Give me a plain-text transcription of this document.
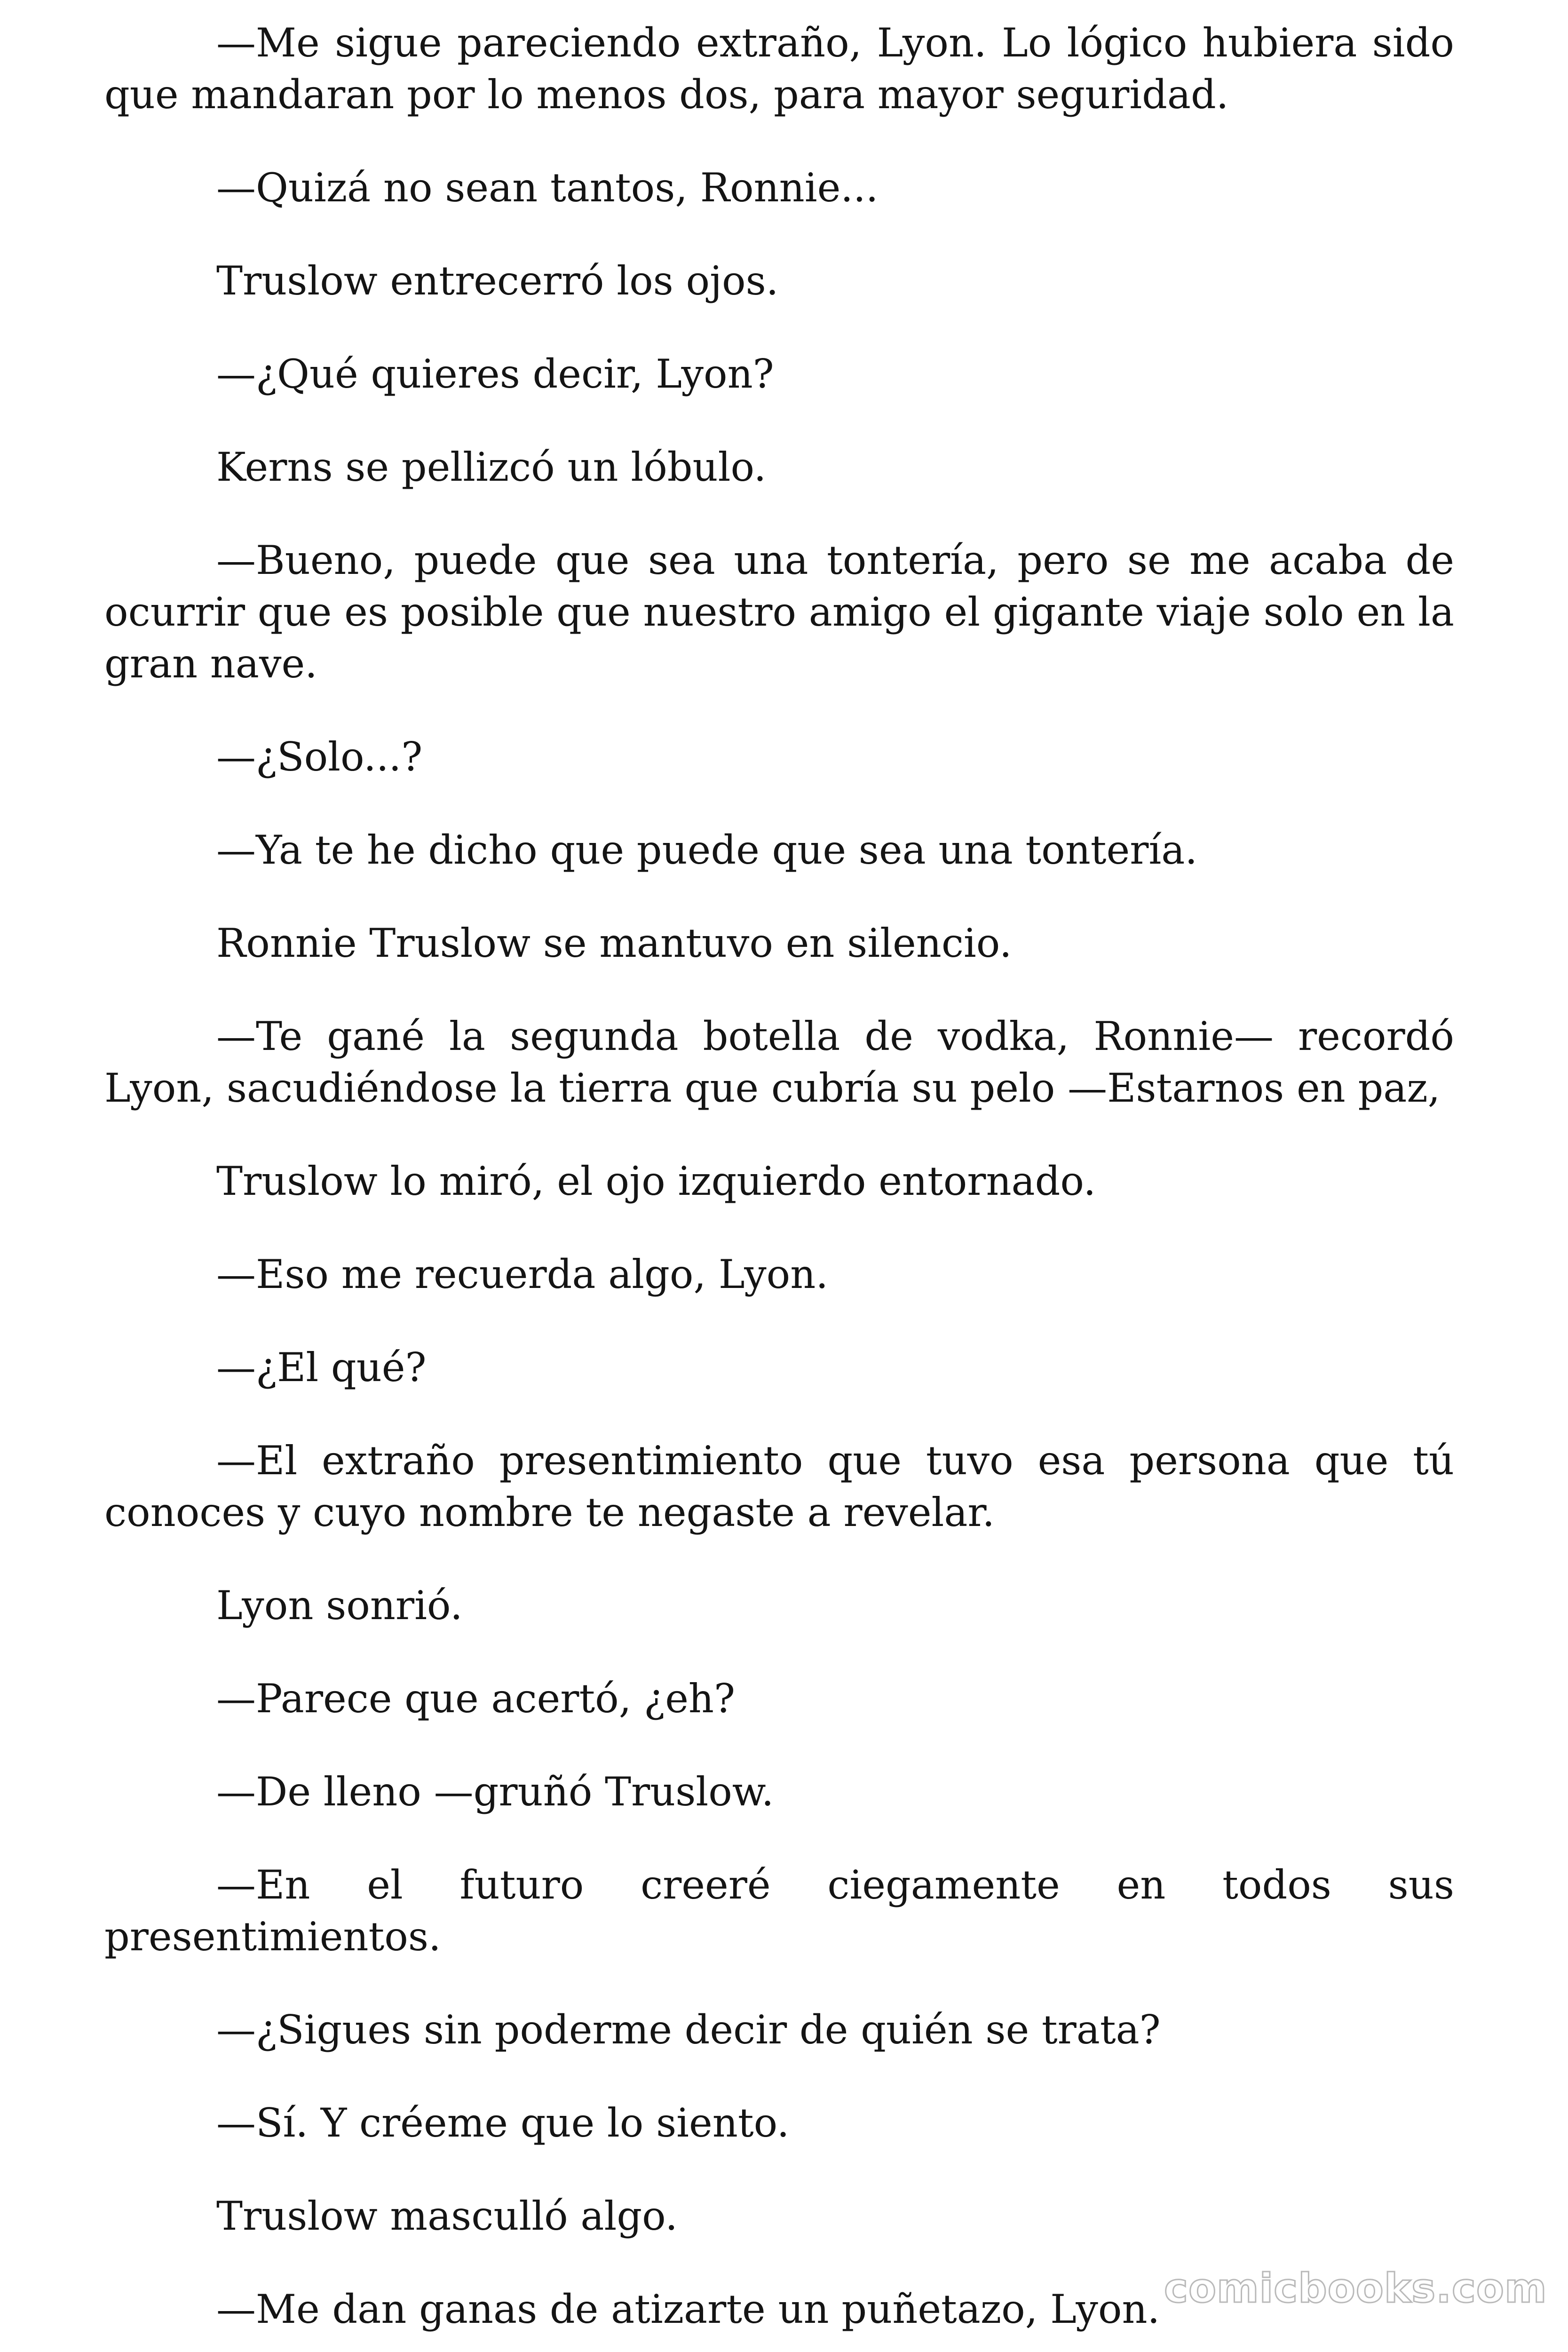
—Me sigue pareciendo extraño, Lyon. Lo lógico hubiera sido que mandaran por lo menos dos, para mayor seguridad.

—Quizá no sean tantos, Ronnie...

Truslow entrecerró los ojos.

—¿Qué quieres decir, Lyon?

Kerns se pellizcó un lóbulo.

—Bueno, puede que sea una tontería, pero se me acaba de ocurrir que es posible que nuestro amigo el gigante viaje solo en la gran nave.

—¿Solo...?

—Ya te he dicho que puede que sea una tontería.

Ronnie Truslow se mantuvo en silencio.

—Te gané la segunda botella de vodka, Ronnie— recordó Lyon, sacudiéndose la tierra que cubría su pelo —Estarnos en paz,

Truslow lo miró, el ojo izquierdo entornado.

—Eso me recuerda algo, Lyon.

—¿El qué?

—El extraño presentimiento que tuvo esa persona que tú conoces y cuyo nombre te negaste a revelar.

Lyon sonrió.

—Parece que acertó, ¿eh?

—De lleno —gruñó Truslow.

—En el futuro creeré ciegamente en todos sus presentimientos.

—¿Sigues sin poderme decir de quién se trata?

—Sí. Y créeme que lo siento.

Truslow masculló algo.

—Me dan ganas de atizarte un puñetazo, Lyon. comicbooks.com
